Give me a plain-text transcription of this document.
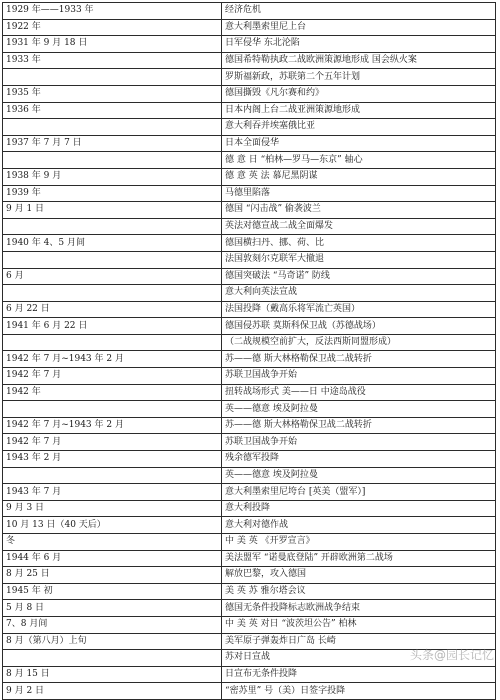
1929 年——1933 年	经济危机
1922 年	意大利墨索里尼上台
1931 年 9 月 18 日	日军侵华 东北沦陷
1933 年	德国希特勒执政二战欧洲策源地形成 国会纵火案
	罗斯福新政，苏联第二个五年计划
1935 年	德国撕毁《凡尔赛和约》
1936 年	日本内阁上台二战亚洲策源地形成
	意大利吞并埃塞俄比亚
1937 年 7 月 7 日	日本全面侵华
	德 意 日 “柏林—罗马—东京” 轴心
1938 年 9 月	德 意 英 法 慕尼黑阴谋
1939 年	马德里陷落
9 月 1 日	德国 “闪击战” 偷袭波兰
	英法对德宣战二战全面爆发
1940 年 4、5 月间	德国横扫丹、挪、荷、比
	法国敦刻尔克联军大撤退
6 月	德国突破法 “马奇诺” 防线
	意大利向英法宣战
6 月 22 日	法国投降（戴高乐将军流亡英国）
1941 年 6 月 22 日	德国侵苏联 莫斯科保卫战（苏德战场）
	（二战规模空前扩大，反法西斯同盟形成）
1942 年 7 月~1943 年 2 月	苏——德 斯大林格勒保卫战二战转折
1942 年 7 月	苏联卫国战争开始
1942 年	扭转战场形式 美——日 中途岛战役
	英——德意 埃及阿拉曼
1942 年 7 月~1943 年 2 月	苏——德 斯大林格勒保卫战二战转折
1942 年 7 月	苏联卫国战争开始
1943 年 2 月	残余德军投降
	英——德意 埃及阿拉曼
1943 年 7 月	意大利墨索里尼垮台 [英美（盟军）]
9 月 3 日	意大利投降
10 月 13 日（40 天后）	意大利对德作战
冬	中 美 英 《开罗宣言》
1944 年 6 月	美法盟军 “诺曼底登陆” 开辟欧洲第二战场
8 月 25 日	解放巴黎，攻入德国
1945 年 初	美 英 苏 雅尔塔会议
5 月 8 日	德国无条件投降标志欧洲战争结束
7、8 月间	中 美 英 对日 “波茨坦公告” 柏林
8 月（第八月）上旬	美军原子弹轰炸日广岛 长崎
	苏对日宣战
8 月 15 日	日宣布无条件投降
9 月 2 日	“密苏里” 号（美）日签字投降
头条@园长记忆
